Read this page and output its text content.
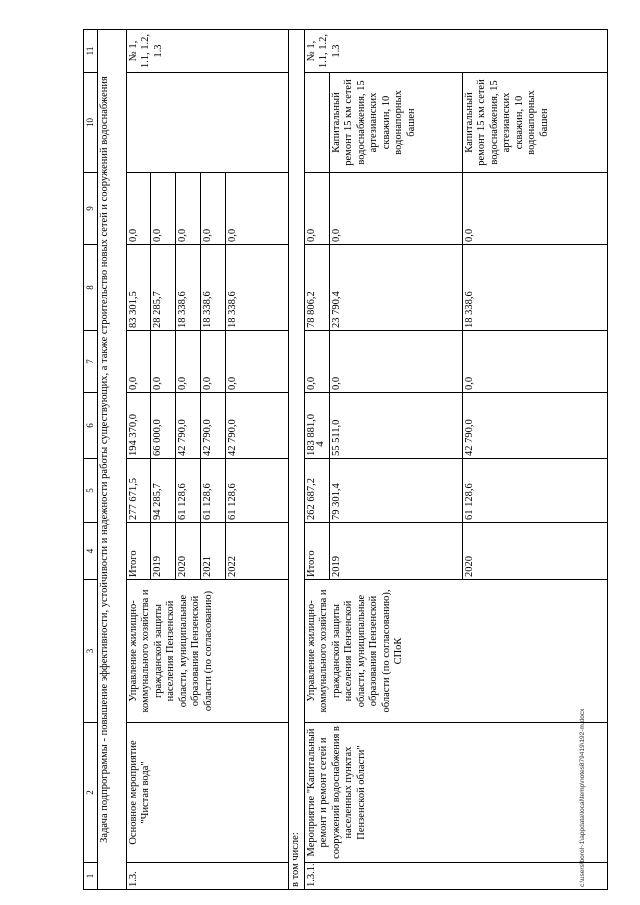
4
c:\users\borol~1\appdata\local\temp\notes879419\192-m.docx
1	2	3	4	5	6	7	8	9	10	11
Задача подпрограммы - повышение эффективности, устойчивости и надежности работы существующих, а также строительство новых сетей и сооружений водоснабжения										
1.3.	Основное мероприятие "Чистая вода"	Управление жилищно-коммунального хозяйства и гражданской защиты населения Пензенской области, муниципальные образования Пензенской области (по согласованию)	Итого	277 671,5	194 370,0	0,0	83 301,5	0,0		№ 1, 1.1, 1.2, 1.3
			2019	94 285,7	66 000,0	0,0	28 285,7	0,0		
			2020	61 128,6	42 790,0	0,0	18 338,6	0,0		
			2021	61 128,6	42 790,0	0,0	18 338,6	0,0		
			2022	61 128,6	42 790,0	0,0	18 338,6	0,0		
в том числе:										
1.3.1.	Мероприятие "Капитальный ремонт и ремонт сетей и сооружений водоснабжения в населенных пунктах Пензенской области"	Управление жилищно-коммунального хозяйства и гражданской защиты населения Пензенской области, муниципальные образования Пензенской области (по согласованию), СПоК	Итого	262 687,2	183 881,0	0,0	78 806,2	0,0		№ 1, 1.1, 1.2, 1.3
			2019	79 301,4	55 511,0	0,0	23 790,4	0,0	Капитальный ремонт 15 км сетей водоснабжения, 15 артезианских скважин, 10 водонапорных башен	
			2020	61 128,6	42 790,0	0,0	18 338,6	0,0	Капитальный ремонт 15 км сетей водоснабжения, 15 артезианских скважин, 10 водонапорных башен	
